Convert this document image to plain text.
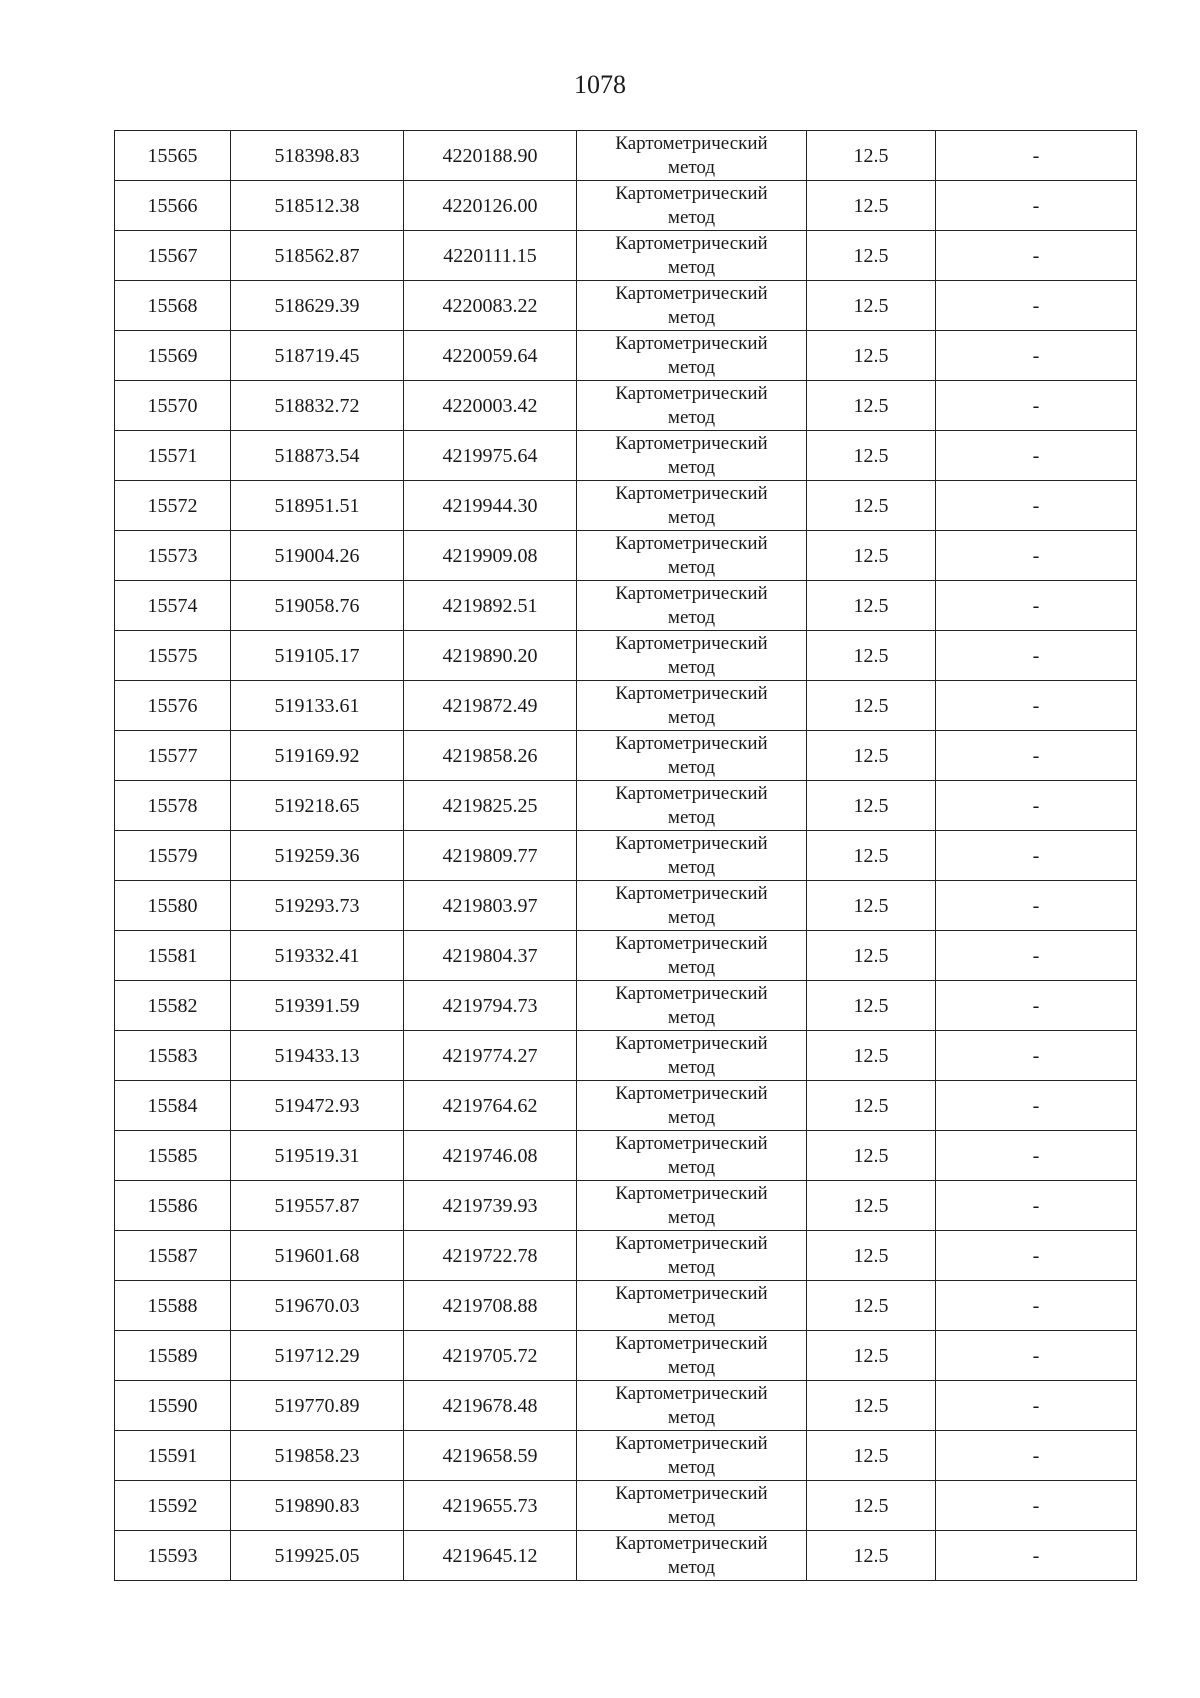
1078
15565	518398.83	4220188.90	Картометрический
метод	12.5	-
15566	518512.38	4220126.00	Картометрический
метод	12.5	-
15567	518562.87	4220111.15	Картометрический
метод	12.5	-
15568	518629.39	4220083.22	Картометрический
метод	12.5	-
15569	518719.45	4220059.64	Картометрический
метод	12.5	-
15570	518832.72	4220003.42	Картометрический
метод	12.5	-
15571	518873.54	4219975.64	Картометрический
метод	12.5	-
15572	518951.51	4219944.30	Картометрический
метод	12.5	-
15573	519004.26	4219909.08	Картометрический
метод	12.5	-
15574	519058.76	4219892.51	Картометрический
метод	12.5	-
15575	519105.17	4219890.20	Картометрический
метод	12.5	-
15576	519133.61	4219872.49	Картометрический
метод	12.5	-
15577	519169.92	4219858.26	Картометрический
метод	12.5	-
15578	519218.65	4219825.25	Картометрический
метод	12.5	-
15579	519259.36	4219809.77	Картометрический
метод	12.5	-
15580	519293.73	4219803.97	Картометрический
метод	12.5	-
15581	519332.41	4219804.37	Картометрический
метод	12.5	-
15582	519391.59	4219794.73	Картометрический
метод	12.5	-
15583	519433.13	4219774.27	Картометрический
метод	12.5	-
15584	519472.93	4219764.62	Картометрический
метод	12.5	-
15585	519519.31	4219746.08	Картометрический
метод	12.5	-
15586	519557.87	4219739.93	Картометрический
метод	12.5	-
15587	519601.68	4219722.78	Картометрический
метод	12.5	-
15588	519670.03	4219708.88	Картометрический
метод	12.5	-
15589	519712.29	4219705.72	Картометрический
метод	12.5	-
15590	519770.89	4219678.48	Картометрический
метод	12.5	-
15591	519858.23	4219658.59	Картометрический
метод	12.5	-
15592	519890.83	4219655.73	Картометрический
метод	12.5	-
15593	519925.05	4219645.12	Картометрический
метод	12.5	-
